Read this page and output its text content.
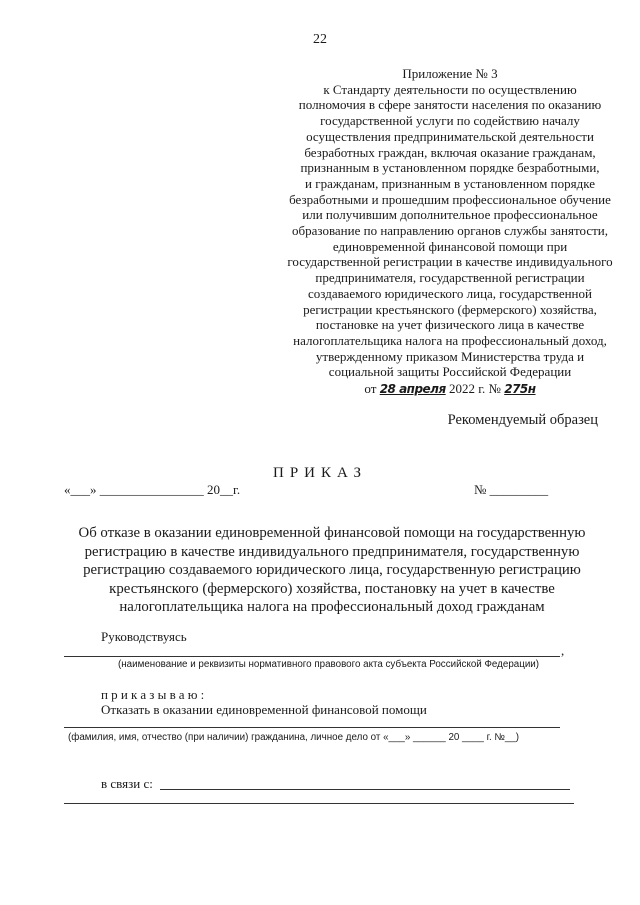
22
Приложение № 3
к Стандарту деятельности по осуществлению
полномочия в сфере занятости населения по оказанию
государственной услуги по содействию началу
осуществления предпринимательской деятельности
безработных граждан, включая оказание гражданам,
признанным в установленном порядке безработными,
и гражданам, признанным в установленном порядке
безработными и прошедшим профессиональное обучение
или получившим дополнительное профессиональное
образование по направлению органов службы занятости,
единовременной финансовой помощи при
государственной регистрации в качестве индивидуального
предпринимателя, государственной регистрации
создаваемого юридического лица, государственной
регистрации крестьянского (фермерского) хозяйства,
постановке на учет физического лица в качестве
налогоплательщика налога на профессиональный доход,
утвержденному приказом Министерства труда и
социальной защиты Российской Федерации
от 28 апреля 2022 г. № 275н
Рекомендуемый образец
ПРИКАЗ
«___» ________________ 20__г.	№ _________
Об отказе в оказании единовременной финансовой помощи на государственную
регистрацию в качестве индивидуального предпринимателя, государственную
регистрацию создаваемого юридического лица, государственную регистрацию
крестьянского (фермерского) хозяйства, постановку на учет в качестве
налогоплательщика налога на профессиональный доход гражданам
Руководствуясь
,
(наименование и реквизиты нормативного правового акта субъекта Российской Федерации)
приказываю:
Отказать в оказании единовременной финансовой помощи
(фамилия, имя, отчество (при наличии) гражданина, личное дело от «___» ______ 20 ____ г. №__)
в связи с:
